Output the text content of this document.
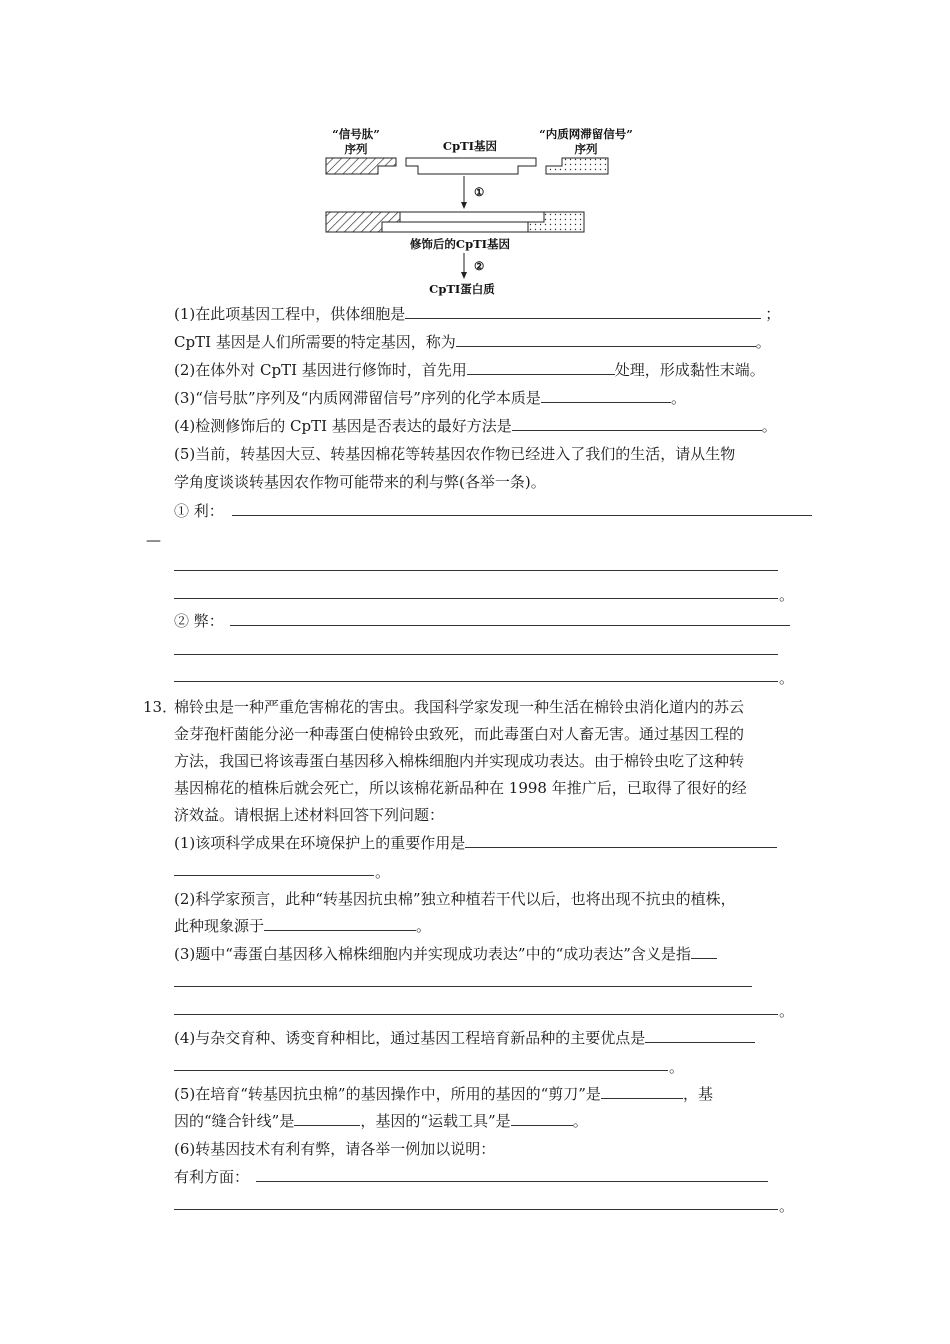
“信号肽”
序列	CpTI基因
“内质网滞留信号”
序列
①
修饰后的CpTI基因
②
CpTI蛋白质
(1)在此项基因工程中，供体细胞是	；
CpTI 基因是人们所需要的特定基因，称为	。
(2)在体外对 CpTI 基因进行修饰时，首先用	处理，形成黏性末端。
(3)“信号肽”序列及“内质网滞留信号”序列的化学本质是	。
(4)检测修饰后的 CpTI 基因是否表达的最好方法是	。
(5)当前，转基因大豆、转基因棉花等转基因农作物已经进入了我们的生活，请从生物
学角度谈谈转基因农作物可能带来的利与弊(各举一条)。
① 利：
—
。
② 弊：
。
13．
棉铃虫是一种严重危害棉花的害虫。我国科学家发现一种生活在棉铃虫消化道内的苏云
金芽孢杆菌能分泌一种毒蛋白使棉铃虫致死，而此毒蛋白对人畜无害。通过基因工程的
方法，我国已将该毒蛋白基因移入棉株细胞内并实现成功表达。由于棉铃虫吃了这种转
基因棉花的植株后就会死亡，所以该棉花新品种在 1998 年推广后，已取得了很好的经
济效益。请根据上述材料回答下列问题：
(1)该项科学成果在环境保护上的重要作用是
。
(2)科学家预言，此种“转基因抗虫棉”独立种植若干代以后，也将出现不抗虫的植株，
此种现象源于	。
(3)题中“毒蛋白基因移入棉株细胞内并实现成功表达”中的“成功表达”含义是指
。
(4)与杂交育种、诱变育种相比，通过基因工程培育新品种的主要优点是
。
(5)在培育“转基因抗虫棉”的基因操作中，所用的基因的“剪刀”是	，基
因的“缝合针线”是	，基因的“运载工具”是	。
(6)转基因技术有利有弊，请各举一例加以说明：
有利方面：
。
